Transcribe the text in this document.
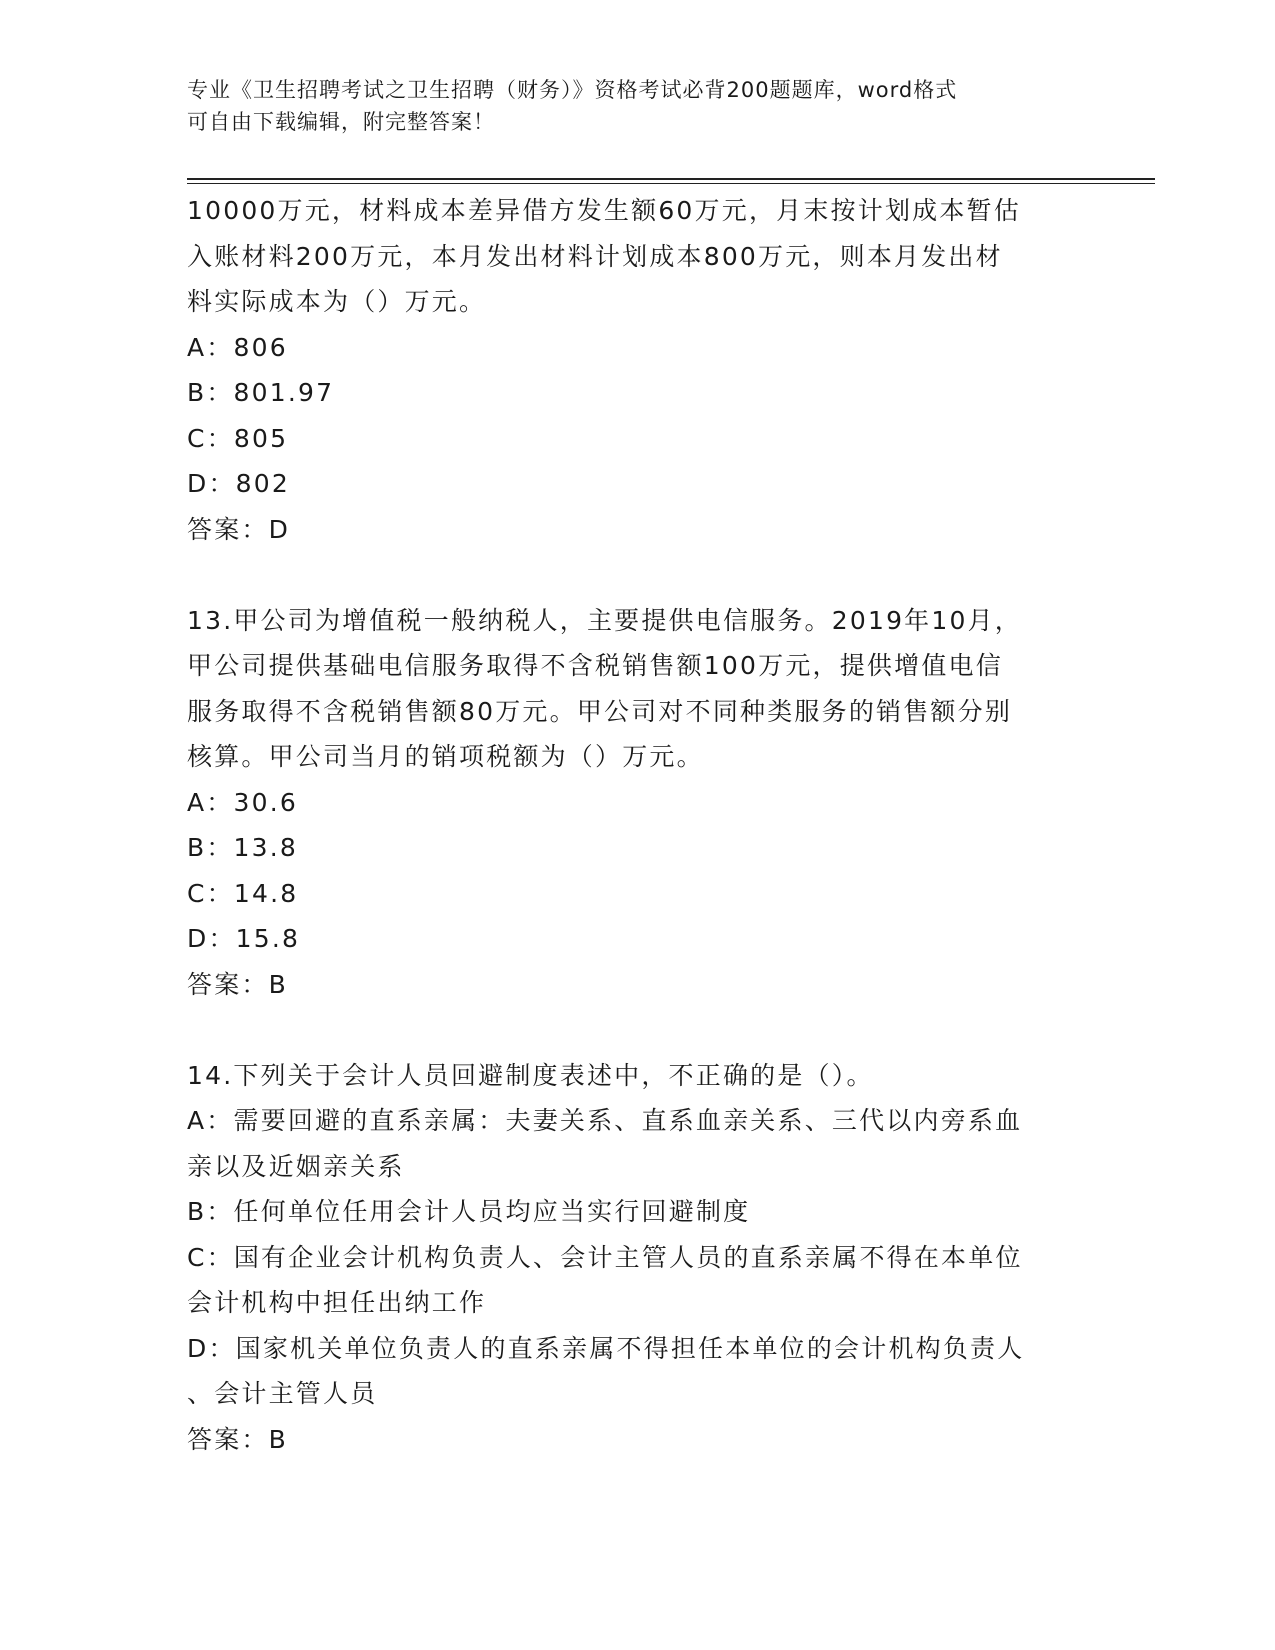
专业《卫生招聘考试之卫生招聘（财务）》资格考试必背200题题库，word格式
可自由下载编辑，附完整答案！
10000万元，材料成本差异借方发生额60万元，月末按计划成本暂估
入账材料200万元，本月发出材料计划成本800万元，则本月发出材
料实际成本为（）万元。
A：806
B：801.97
C：805
D：802
答案：D
13.甲公司为增值税一般纳税人，主要提供电信服务。2019年10月，
甲公司提供基础电信服务取得不含税销售额100万元，提供增值电信
服务取得不含税销售额80万元。甲公司对不同种类服务的销售额分别
核算。甲公司当月的销项税额为（）万元。
A：30.6
B：13.8
C：14.8
D：15.8
答案：B
14.下列关于会计人员回避制度表述中，不正确的是（）。
A：需要回避的直系亲属：夫妻关系、直系血亲关系、三代以内旁系血
亲以及近姻亲关系
B：任何单位任用会计人员均应当实行回避制度
C：国有企业会计机构负责人、会计主管人员的直系亲属不得在本单位
会计机构中担任出纳工作
D：国家机关单位负责人的直系亲属不得担任本单位的会计机构负责人
、会计主管人员
答案：B
